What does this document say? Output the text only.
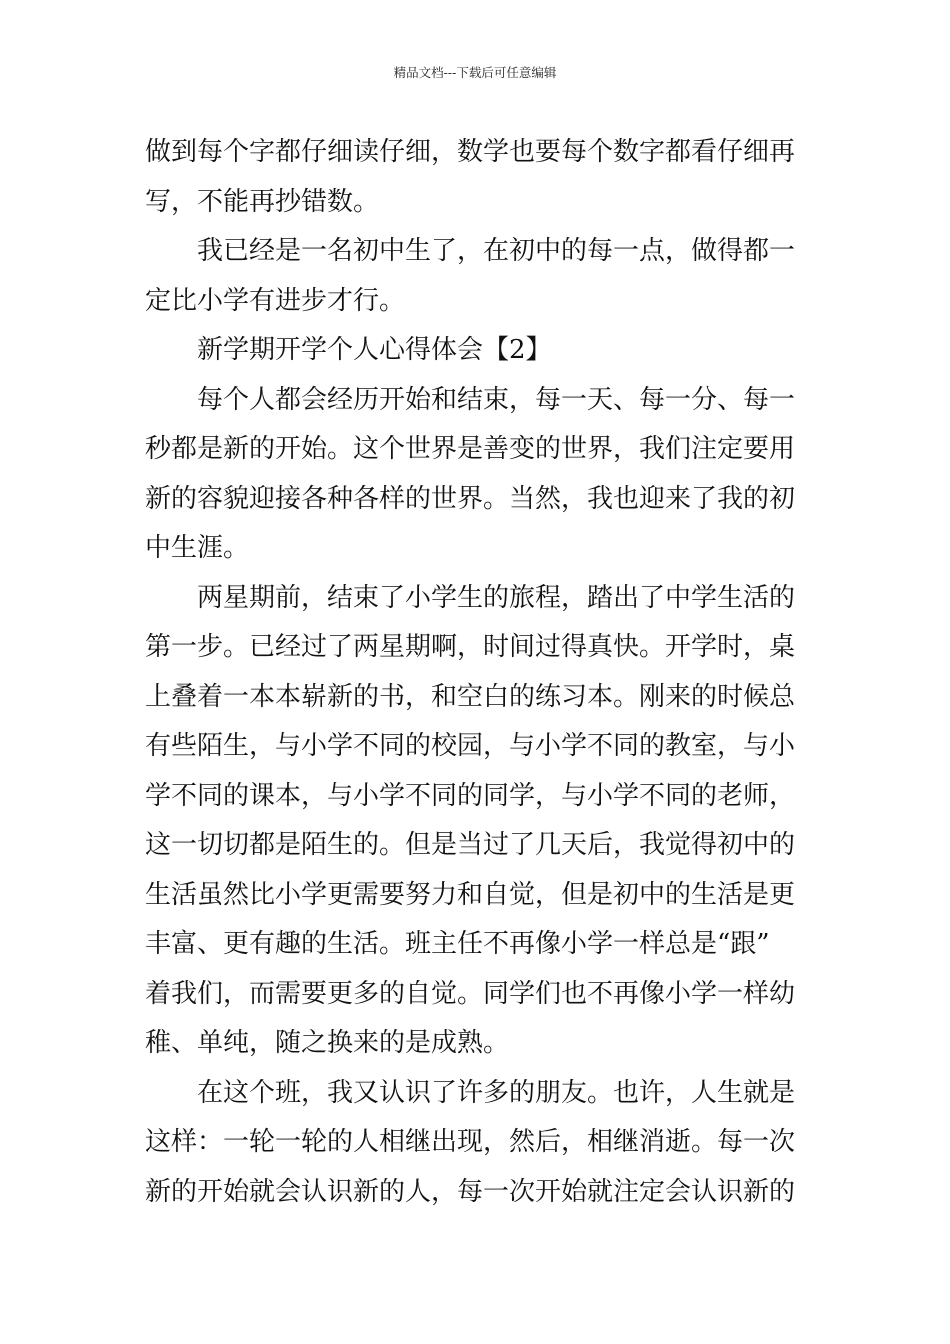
精品文档---下载后可任意编辑
做到每个字都仔细读仔细，数学也要每个数字都看仔细再
写，不能再抄错数。
我已经是一名初中生了，在初中的每一点，做得都一
定比小学有进步才行。
新学期开学个人心得体会【2】
每个人都会经历开始和结束，每一天、每一分、每一
秒都是新的开始。这个世界是善变的世界，我们注定要用
新的容貌迎接各种各样的世界。当然，我也迎来了我的初
中生涯。
两星期前，结束了小学生的旅程，踏出了中学生活的
第一步。已经过了两星期啊，时间过得真快。开学时，桌
上叠着一本本崭新的书，和空白的练习本。刚来的时候总
有些陌生，与小学不同的校园，与小学不同的教室，与小
学不同的课本，与小学不同的同学，与小学不同的老师，
这一切切都是陌生的。但是当过了几天后，我觉得初中的
生活虽然比小学更需要努力和自觉，但是初中的生活是更
丰富、更有趣的生活。班主任不再像小学一样总是“跟”
着我们，而需要更多的自觉。同学们也不再像小学一样幼
稚、单纯，随之换来的是成熟。
在这个班，我又认识了许多的朋友。也许，人生就是
这样：一轮一轮的人相继出现，然后，相继消逝。每一次
新的开始就会认识新的人，每一次开始就注定会认识新的
